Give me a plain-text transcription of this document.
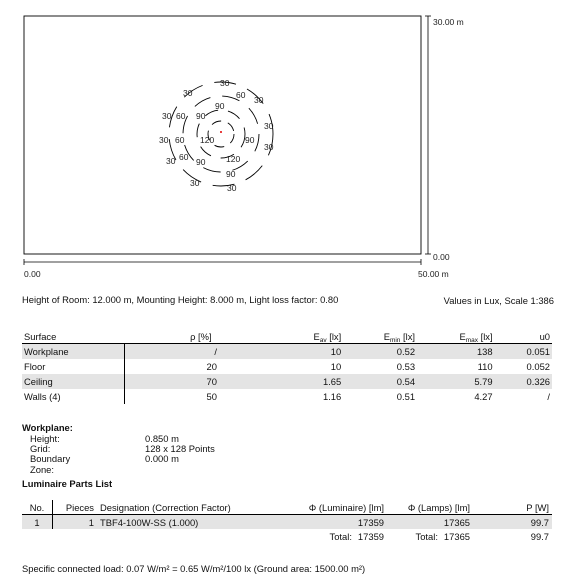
30
30
30
30
30
30
30
30
30	30
60
60
60
60
90
90
90
90
90 120
120
30.00 m
0.00
0.00	50.00 m
Height of Room: 12.000 m, Mounting Height: 8.000 m, Light loss factor: 0.80	Values in Lux, Scale 1:386
Surface	ρ [%]	$E_{av}$ [lx]	$E_{min}$ [lx]	$E_{max}$ [lx]	u0
Workplane	/	10	0.52	138	0.051
Floor	20	10	0.53	110	0.052
Ceiling	70	1.65	0.54	5.79	0.326
Walls (4)	50	1.16	0.51	4.27	/
Workplane:
Height:	0.850 m
Grid:	128 x 128 Points
Boundary Zone:
0.000 m
Luminaire Parts List
No.	Pieces	Designation (Correction Factor)	Φ (Luminaire) [lm]	Φ (Lamps) [lm]	P [W]
1	1	TBF4-100W-SS (1.000)	17359	17365	99.7
			Total: 17359	Total: 17365	99.7
Specific connected load: 0.07 W/m² = 0.65 W/m²/100 lx (Ground area: 1500.00 m²)
